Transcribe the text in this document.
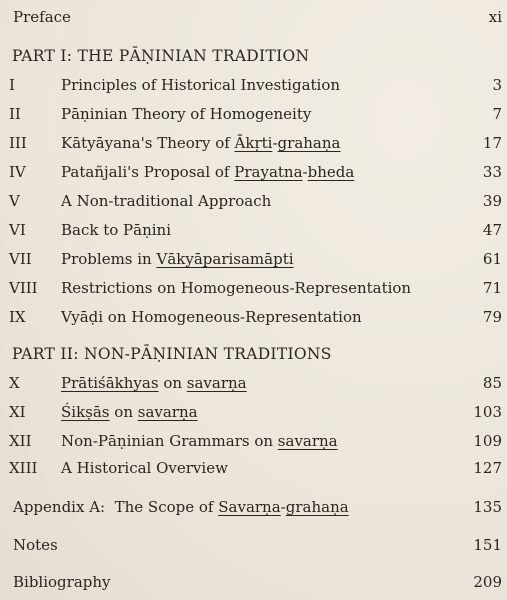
Preface	xi
PART I: THE PĀṆINIAN TRADITION
I	Principles of Historical Investigation	3
II	Pāṇinian Theory of Homogeneity	7
III Kātyāyana's Theory of Ākṛti-grahaṇa	17
IV Patañjali's Proposal of Prayatna-bheda	33
V	A Non-traditional Approach	39
VI Back to Pāṇini	47
VII Problems in Vākyāparisamāpti	61
VIII Restrictions on Homogeneous-Representation	71
IX Vyāḍi on Homogeneous-Representation	79
PART II: NON-PĀṆINIAN TRADITIONS
X	Prātiśākhyas on savarṇa	85
XI Śikṣās on savarṇa	103
XII Non-Pāṇinian Grammars on savarṇa	109
XIII A Historical Overview	127
Appendix A:  The Scope of Savarṇa-grahaṇa	135
Notes	151
Bibliography	209
